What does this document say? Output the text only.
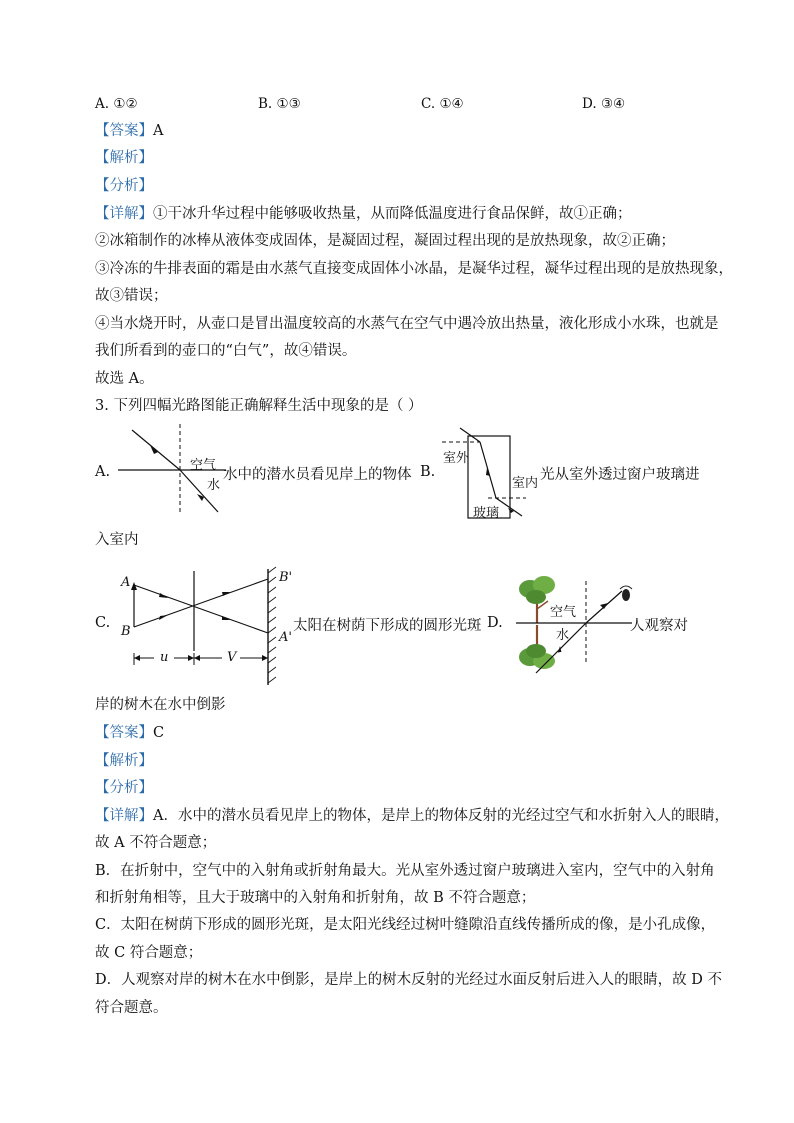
A. ①②	B. ①③	C. ①④	D. ③④
【答案】A
【解析】
【分析】
【详解】①干冰升华过程中能够吸收热量，从而降低温度进行食品保鲜，故①正确；
②冰箱制作的冰棒从液体变成固体，是凝固过程，凝固过程出现的是放热现象，故②正确；
③冷冻的牛排表面的霜是由水蒸气直接变成固体小冰晶，是凝华过程，凝华过程出现的是放热现象，
故③错误；
④当水烧开时，从壶口是冒出温度较高的水蒸气在空气中遇冷放出热量，液化形成小水珠，也就是
我们所看到的壶口的“白气”，故④错误。
故选 A。
3. 下列四幅光路图能正确解释生活中现象的是（ ）
A.	空气
水
水中的潜水员看见岸上的物体 B.
室外
室内
玻璃
光从室外透过窗户玻璃进
入室内
C.
A
B
B'
A'
u	V
太阳在树荫下形成的圆形光斑 D.
空气
水
人观察对
岸的树木在水中倒影
【答案】C
【解析】
【分析】
【详解】A．水中的潜水员看见岸上的物体，是岸上的物体反射的光经过空气和水折射入人的眼睛，
故 A 不符合题意；
B．在折射中，空气中的入射角或折射角最大。光从室外透过窗户玻璃进入室内，空气中的入射角
和折射角相等，且大于玻璃中的入射角和折射角，故 B 不符合题意；
C．太阳在树荫下形成的圆形光斑，是太阳光线经过树叶缝隙沿直线传播所成的像，是小孔成像，
故 C 符合题意；
D．人观察对岸的树木在水中倒影，是岸上的树木反射的光经过水面反射后进入人的眼睛，故 D 不
符合题意。
